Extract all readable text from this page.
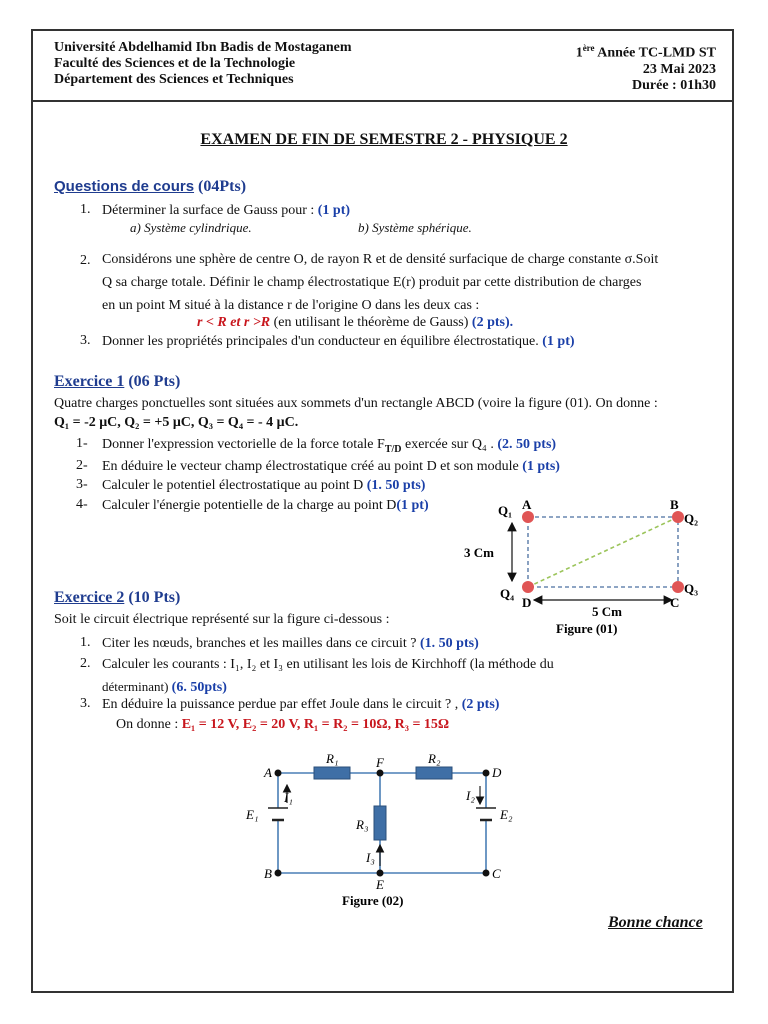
Université Abdelhamid Ibn Badis de Mostaganem
Faculté des Sciences et de la Technologie
Département des Sciences et Techniques
1ère Année TC-LMD ST
23 Mai 2023
Durée : 01h30
EXAMEN DE FIN DE SEMESTRE 2 - PHYSIQUE 2
Questions de cours (04Pts)
1. Déterminer la surface de Gauss pour : (1 pt)
a) Système cylindrique.	b) Système sphérique.
2. Considérons une sphère de centre O, de rayon R et de densité surfacique de charge constante σ.Soit
Q sa charge totale. Définir le champ électrostatique E(r) produit par cette distribution de charges
en un point M situé à la distance r de l'origine O dans les deux cas :
r < R et r >R (en utilisant le théorème de Gauss) (2 pts).
3. Donner les propriétés principales d'un conducteur en équilibre électrostatique. (1 pt)
Exercice 1 (06 Pts)
Quatre charges ponctuelles sont situées aux sommets d'un rectangle ABCD (voire la figure (01). On donne :
Q₁ = -2 μC, Q₂ = +5 μC, Q₃ = Q₄ = - 4 μC.
1- Donner l'expression vectorielle de la force totale $F_{T/D}$ exercée sur Q₄ . (2. 50 pts)
2- En déduire le vecteur champ électrostatique créé au point D et son module (1 pts)
3- Calculer le potentiel électrostatique au point D (1. 50 pts)
4- Calculer l'énergie potentielle de la charge au point D(1 pt)	A	B
C
D
Q₁
Q₂
Q₃
Q₄
3 Cm
5 Cm
Figure (01)
Exercice 2 (10 Pts)
Soit le circuit électrique représenté sur la figure ci-dessous :
1. Citer les nœuds, branches et les mailles dans ce circuit ? (1. 50 pts)
2. Calculer les courants : I₁, I₂ et I₃ en utilisant les lois de Kirchhoff (la méthode du
déterminant) (6. 50pts)
3. En déduire la puissance perdue par effet Joule dans le circuit ? , (2 pts)
On donne : E₁ = 12 V, E₂ = 20 V, R₁ = R₂ = 10Ω, R₃ = 15Ω
A
F
D
B
E
C
R₁	R₂
R₃
E₁	E₂
I₁	I₂
I₃
Figure (02)
Bonne chance
